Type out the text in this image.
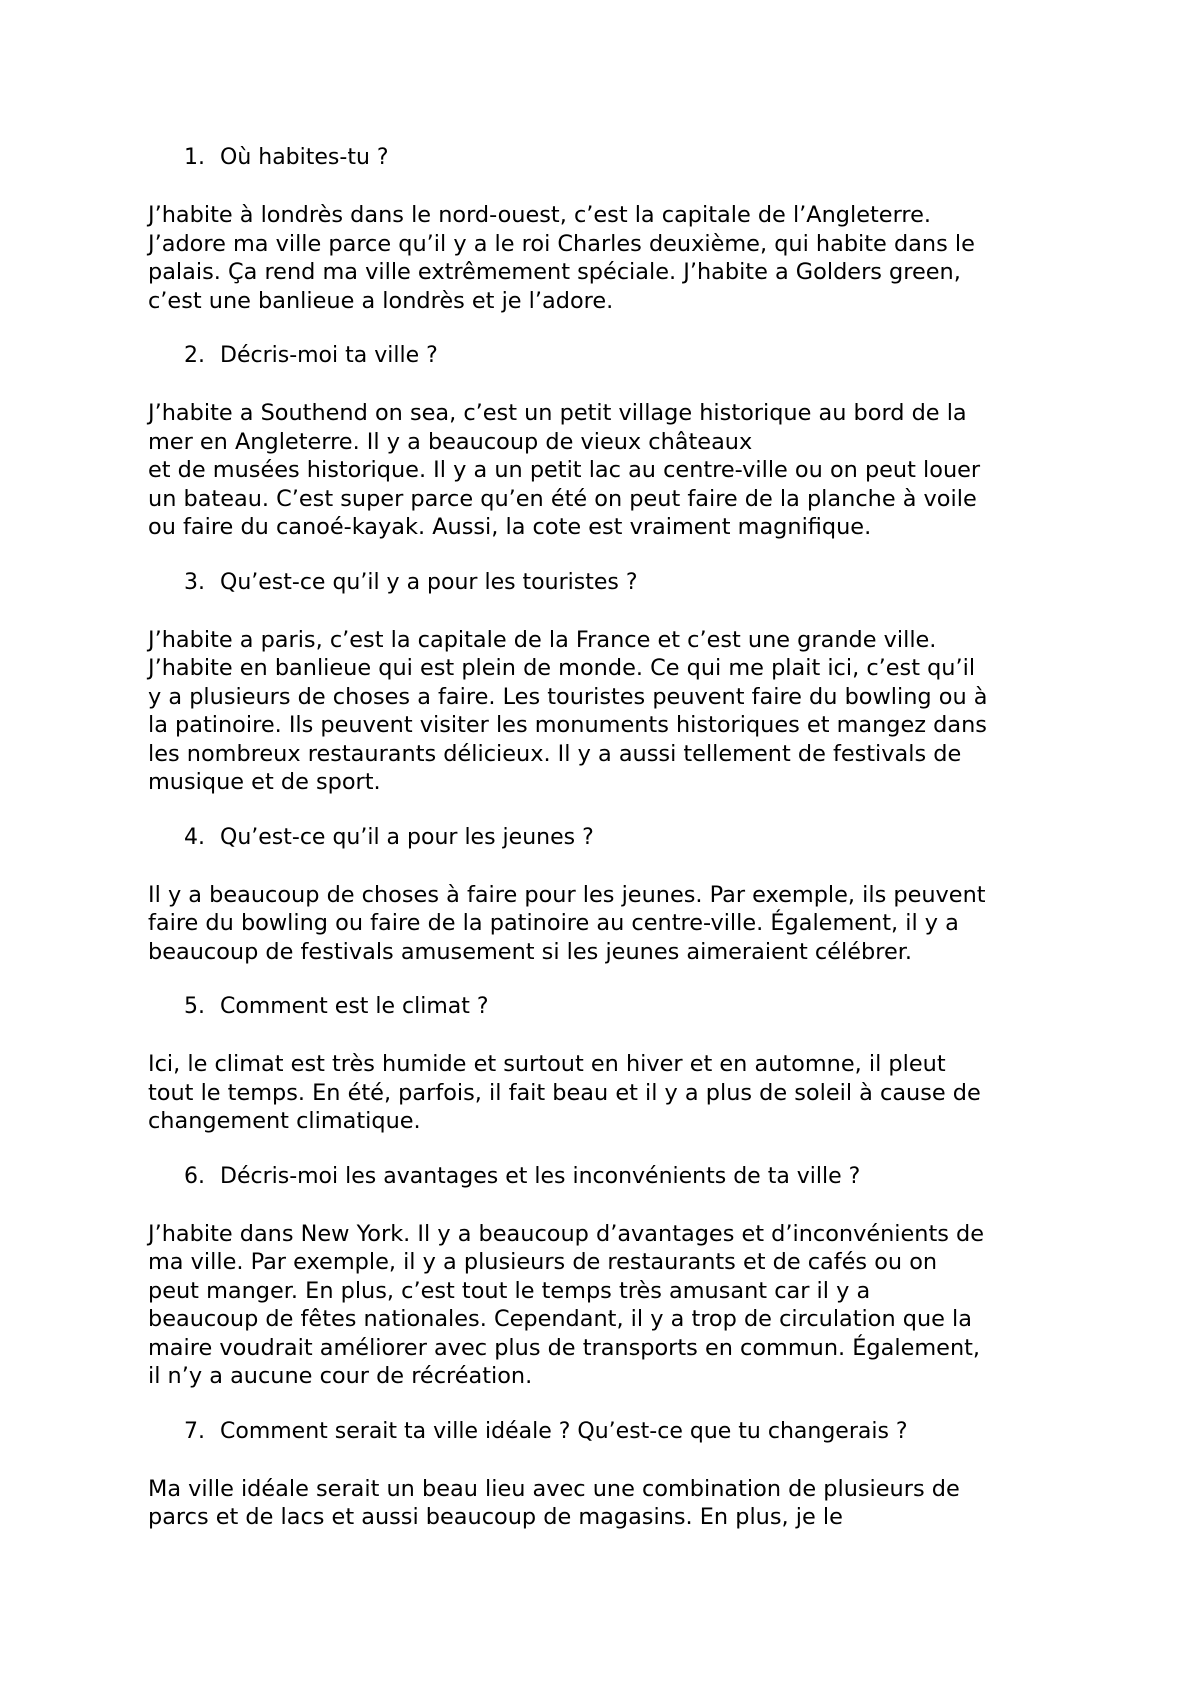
1. Où habites-tu ?

J’habite à londrès dans le nord-ouest, c’est la capitale de l’Angleterre.
J’adore ma ville parce qu’il y a le roi Charles deuxième, qui habite dans le
palais. Ça rend ma ville extrêmement spéciale. J’habite a Golders green,
c’est une banlieue a londrès et je l’adore.

2. Décris-moi ta ville ?

J’habite a Southend on sea, c’est un petit village historique au bord de la
mer en Angleterre. Il y a beaucoup de vieux châteaux
et de musées historique. Il y a un petit lac au centre-ville ou on peut louer
un bateau. C’est super parce qu’en été on peut faire de la planche à voile
ou faire du canoé-kayak. Aussi, la cote est vraiment magnifique.

3. Qu’est-ce qu’il y a pour les touristes ?

J’habite a paris, c’est la capitale de la France et c’est une grande ville.
J’habite en banlieue qui est plein de monde. Ce qui me plait ici, c’est qu’il
y a plusieurs de choses a faire. Les touristes peuvent faire du bowling ou à
la patinoire. Ils peuvent visiter les monuments historiques et mangez dans
les nombreux restaurants délicieux. Il y a aussi tellement de festivals de
musique et de sport.

4. Qu’est-ce qu’il a pour les jeunes ?

Il y a beaucoup de choses à faire pour les jeunes. Par exemple, ils peuvent
faire du bowling ou faire de la patinoire au centre-ville. Également, il y a
beaucoup de festivals amusement si les jeunes aimeraient célébrer.

5. Comment est le climat ?

Ici, le climat est très humide et surtout en hiver et en automne, il pleut
tout le temps. En été, parfois, il fait beau et il y a plus de soleil à cause de
changement climatique.

6. Décris-moi les avantages et les inconvénients de ta ville ?

J’habite dans New York. Il y a beaucoup d’avantages et d’inconvénients de
ma ville. Par exemple, il y a plusieurs de restaurants et de cafés ou on
peut manger. En plus, c’est tout le temps très amusant car il y a
beaucoup de fêtes nationales. Cependant, il y a trop de circulation que la
maire voudrait améliorer avec plus de transports en commun. Également,
il n’y a aucune cour de récréation.

7. Comment serait ta ville idéale ? Qu’est-ce que tu changerais ?

Ma ville idéale serait un beau lieu avec une combination de plusieurs de
parcs et de lacs et aussi beaucoup de magasins. En plus, je le
